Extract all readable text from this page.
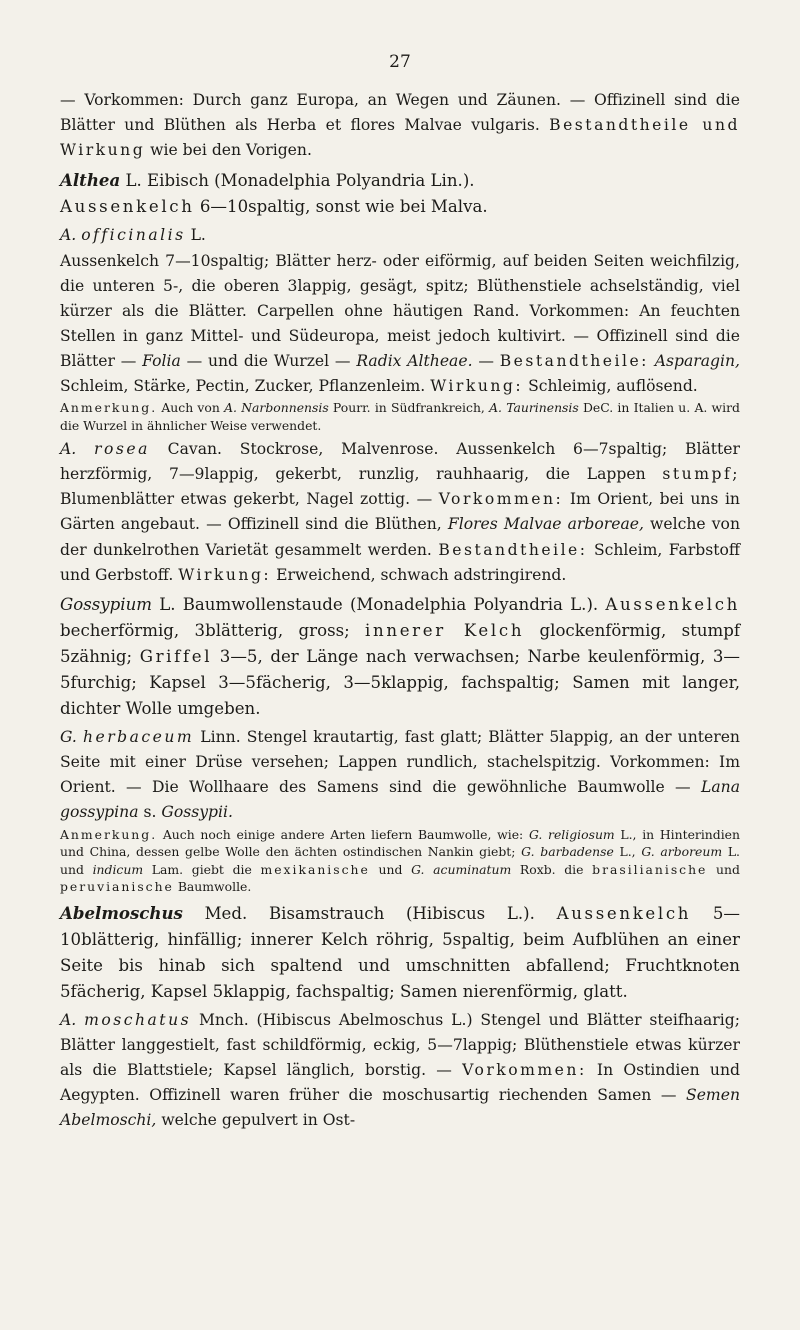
27

— Vorkommen: Durch ganz Europa, an Wegen und Zäunen. — Offizinell sind die Blätter und Blüthen als Herba et flores Malvae vulgaris. Bestandtheile und Wirkung wie bei den Vorigen.

Althea L. Eibisch (Monadelphia Polyandria Lin.).

Aussenkelch 6—10spaltig, sonst wie bei Malva.

A. officinalis L.

Aussenkelch 7—10spaltig; Blätter herz- oder eiförmig, auf beiden Seiten weichfilzig, die unteren 5-, die oberen 3lappig, gesägt, spitz; Blüthenstiele achselständig, viel kürzer als die Blätter. Carpellen ohne häutigen Rand. Vorkommen: An feuchten Stellen in ganz Mittel- und Südeuropa, meist jedoch kultivirt. — Offizinell sind die Blätter — Folia — und die Wurzel — Radix Altheae. — Bestandtheile: Asparagin, Schleim, Stärke, Pectin, Zucker, Pflanzenleim. Wirkung: Schleimig, auflösend.

Anmerkung. Auch von A. Narbonnensis Pourr. in Südfrankreich, A. Taurinensis DeC. in Italien u. A. wird die Wurzel in ähnlicher Weise verwendet.

A. rosea Cavan. Stockrose, Malvenrose. Aussenkelch 6—7spaltig; Blätter herzförmig, 7—9lappig, gekerbt, runzlig, rauhhaarig, die Lappen stumpf; Blumenblätter etwas gekerbt, Nagel zottig. — Vorkommen: Im Orient, bei uns in Gärten angebaut. — Offizinell sind die Blüthen, Flores Malvae arboreae, welche von der dunkelrothen Varietät gesammelt werden. Bestandtheile: Schleim, Farbstoff und Gerbstoff. Wirkung: Erweichend, schwach adstringirend.

Gossypium L. Baumwollenstaude (Monadelphia Polyandria L.). Aussenkelch becherförmig, 3blätterig, gross; innerer Kelch glockenförmig, stumpf 5zähnig; Griffel 3—5, der Länge nach verwachsen; Narbe keulenförmig, 3—5furchig; Kapsel 3—5fächerig, 3—5klappig, fachspaltig; Samen mit langer, dichter Wolle umgeben.

G. herbaceum Linn. Stengel krautartig, fast glatt; Blätter 5lappig, an der unteren Seite mit einer Drüse versehen; Lappen rundlich, stachelspitzig. Vorkommen: Im Orient. — Die Wollhaare des Samens sind die gewöhnliche Baumwolle — Lana gossypina s. Gossypii.

Anmerkung. Auch noch einige andere Arten liefern Baumwolle, wie: G. religiosum L., in Hinterindien und China, dessen gelbe Wolle den ächten ostindischen Nankin giebt; G. barbadense L., G. arboreum L. und indicum Lam. giebt die mexikanische und G. acuminatum Roxb. die brasilianische und peruvianische Baumwolle.

Abelmoschus Med. Bisamstrauch (Hibiscus L.). Aussenkelch 5—10blätterig, hinfällig; innerer Kelch röhrig, 5spaltig, beim Aufblühen an einer Seite bis hinab sich spaltend und umschnitten abfallend; Fruchtknoten 5fächerig, Kapsel 5klappig, fachspaltig; Samen nierenförmig, glatt.

A. moschatus Mnch. (Hibiscus Abelmoschus L.) Stengel und Blätter steifhaarig; Blätter langgestielt, fast schildförmig, eckig, 5—7lappig; Blüthenstiele etwas kürzer als die Blattstiele; Kapsel länglich, borstig. — Vorkommen: In Ostindien und Aegypten. Offizinell waren früher die moschusartig riechenden Samen — Semen Abelmoschi, welche gepulvert in Ost-
